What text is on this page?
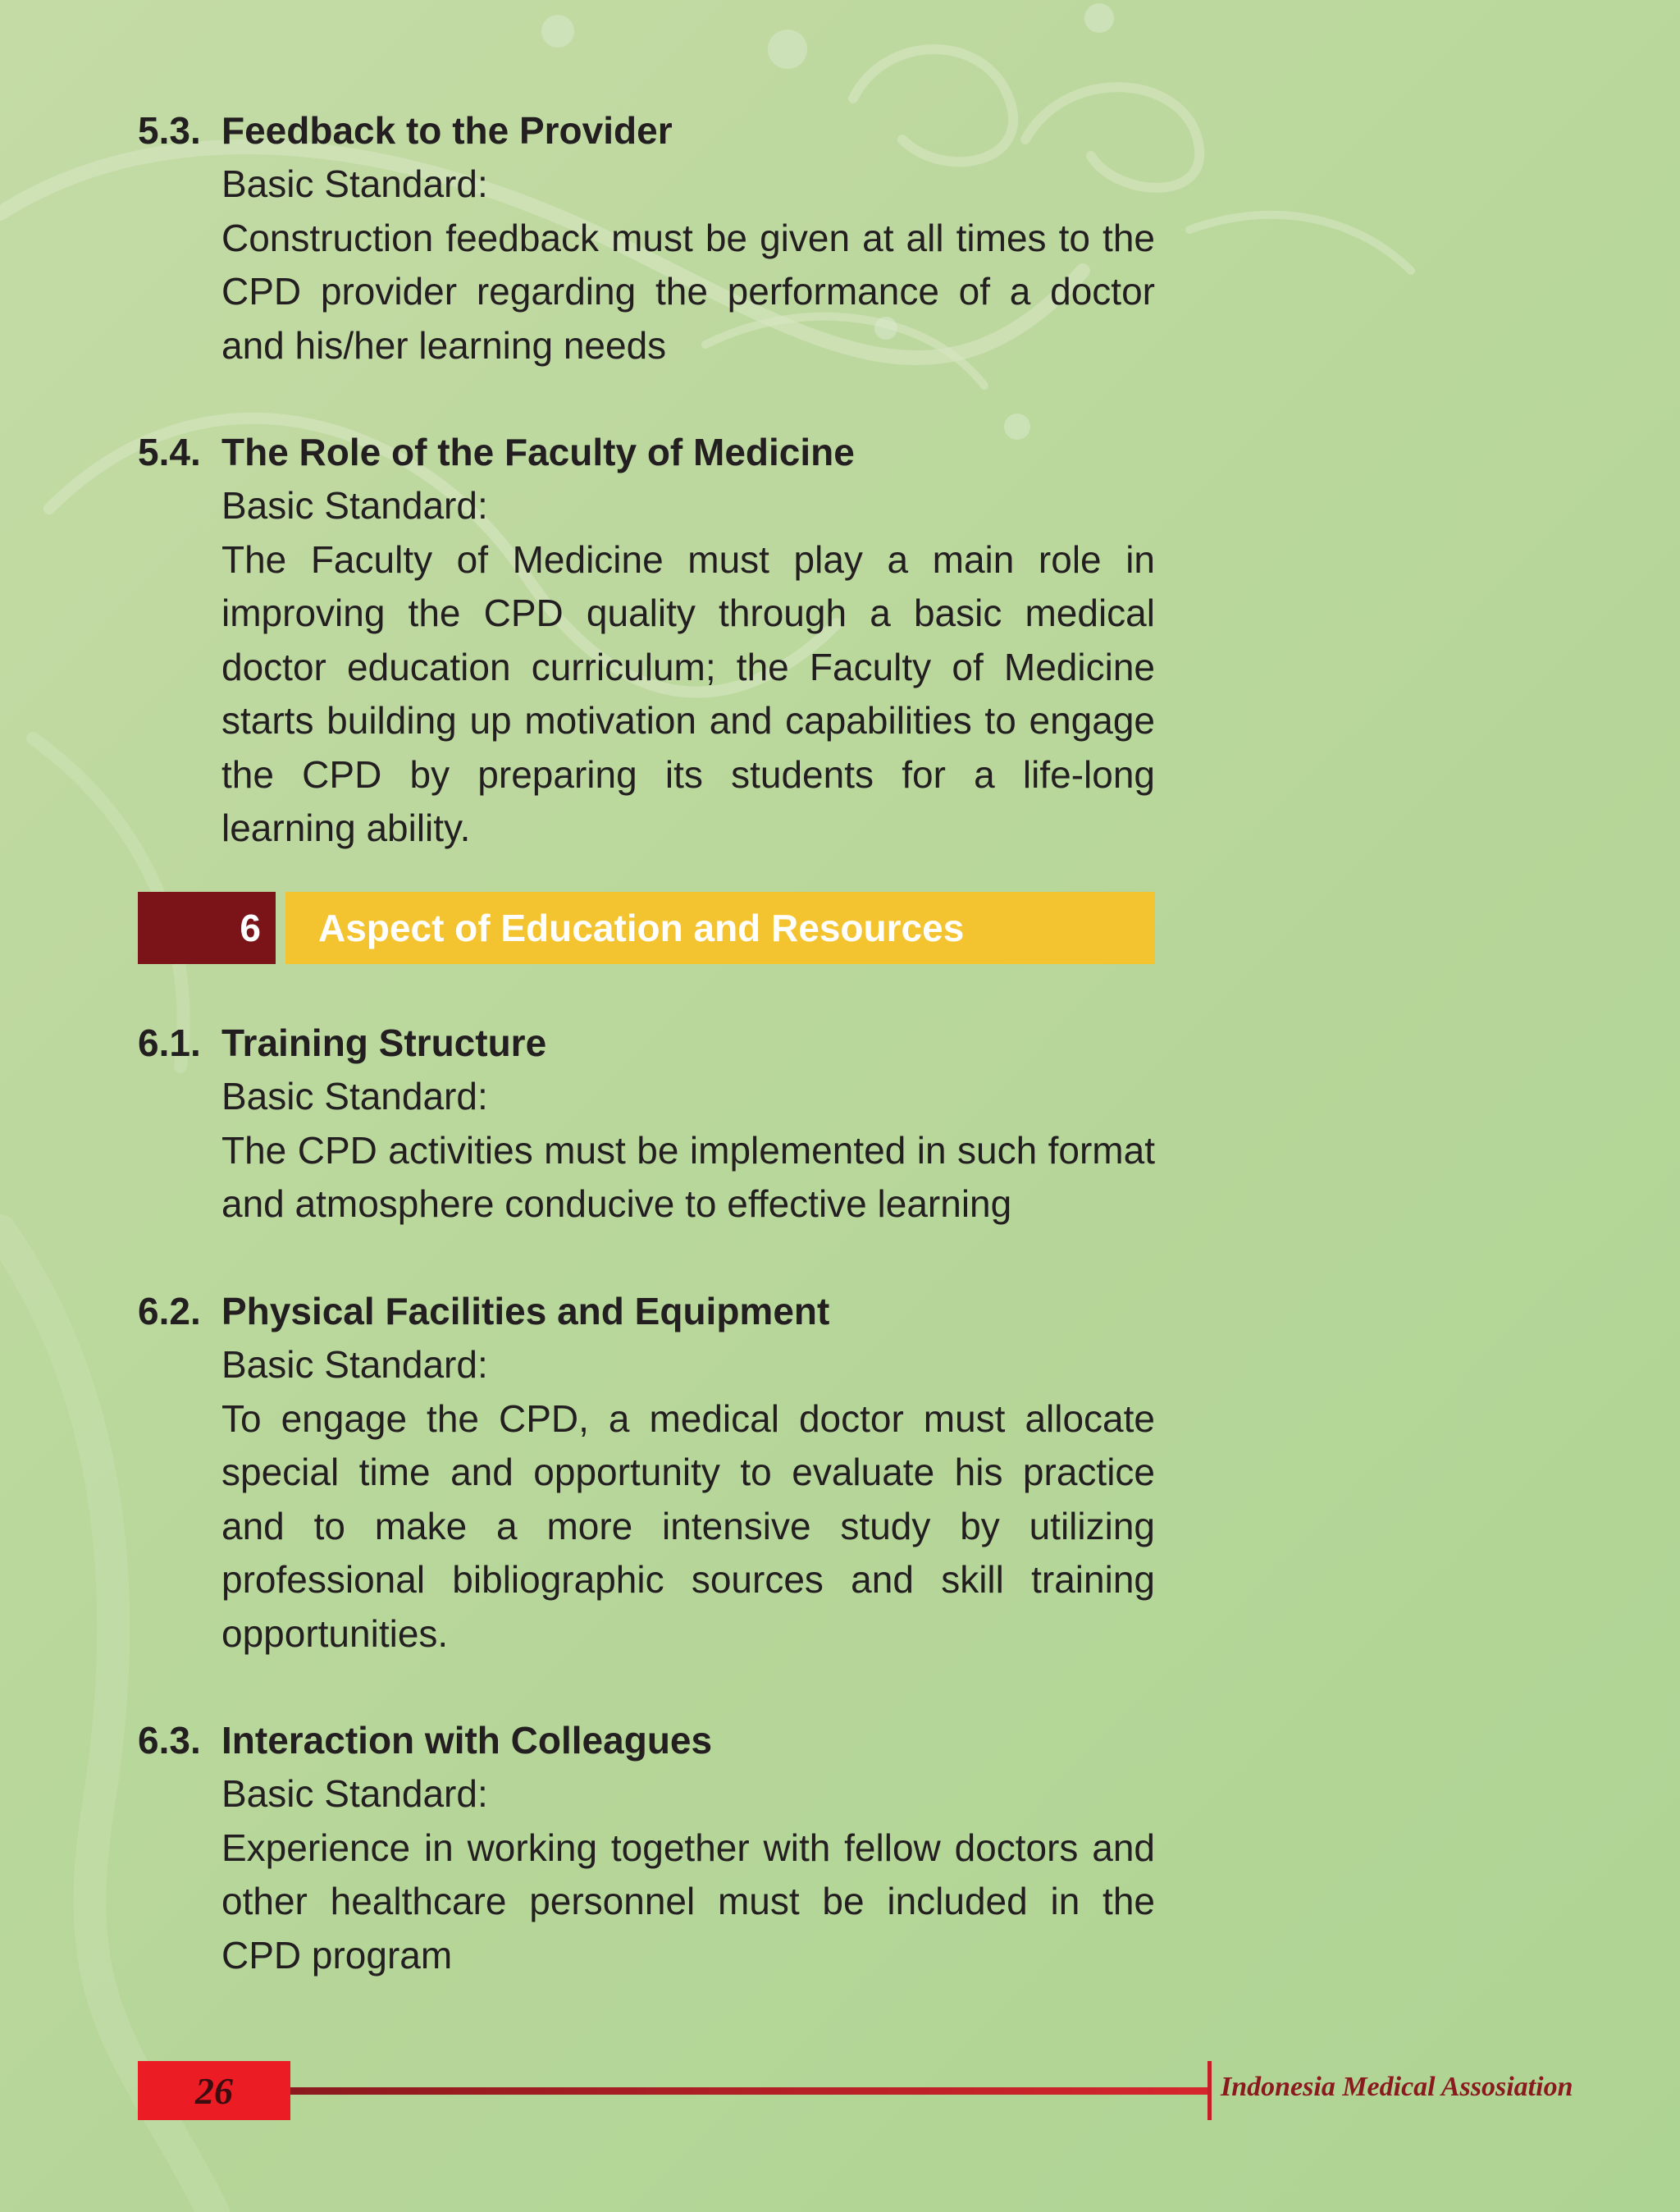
5.3. Feedback to the Provider
Basic Standard:
Construction feedback must be given at all times to the CPD provider regarding the performance of a doctor and his/her learning needs
5.4. The Role of the Faculty of Medicine
Basic Standard:
The Faculty of Medicine must play a main role in improving the CPD quality through a basic medical doctor education curriculum; the Faculty of Medicine starts building up motivation and capabilities to engage the CPD by preparing its students for a life-long learning ability.
6	Aspect of Education and Resources
6.1. Training Structure
Basic Standard:
The CPD activities must be implemented in such format and atmosphere conducive to effective learning
6.2. Physical Facilities and Equipment
Basic Standard:
To engage the CPD, a medical doctor must allocate special time and opportunity to evaluate his practice and to make a more intensive study by utilizing professional bibliographic sources and skill training opportunities.
6.3. Interaction with Colleagues
Basic Standard:
Experience in working together with fellow doctors and other healthcare personnel must be included in the CPD program
26	Indonesia Medical Assosiation
